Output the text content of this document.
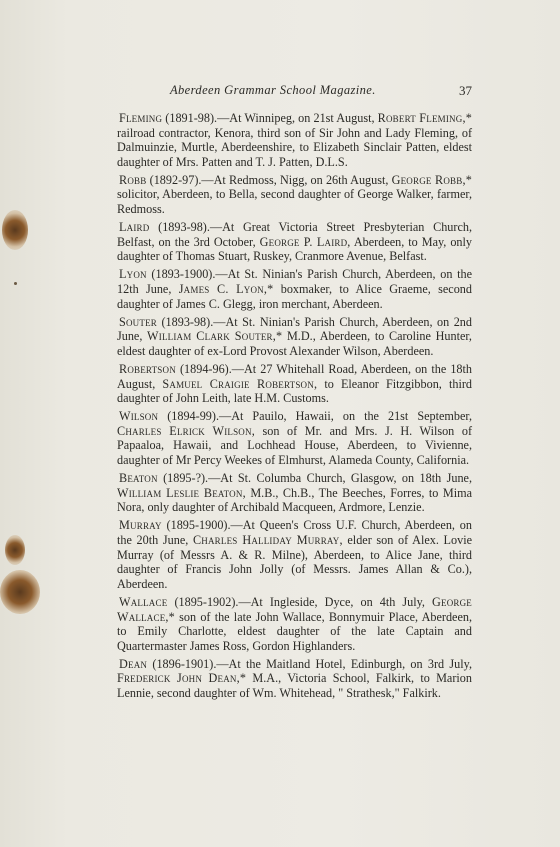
Aberdeen Grammar School Magazine.	37

Fleming (1891-98).—At Winnipeg, on 21st August, Robert Fleming,* railroad contractor, Kenora, third son of Sir John and Lady Fleming, of Dalmuinzie, Murtle, Aberdeenshire, to Elizabeth Sinclair Patten, eldest daughter of Mrs. Patten and T. J. Patten, D.L.S.

Robb (1892-97).—At Redmoss, Nigg, on 26th August, George Robb,* solicitor, Aberdeen, to Bella, second daughter of George Walker, farmer, Redmoss.

Laird (1893-98).—At Great Victoria Street Presbyterian Church, Belfast, on the 3rd October, George P. Laird, Aberdeen, to May, only daughter of Thomas Stuart, Ruskey, Cranmore Avenue, Belfast.

Lyon (1893-1900).—At St. Ninian's Parish Church, Aberdeen, on the 12th June, James C. Lyon,* boxmaker, to Alice Graeme, second daughter of James C. Glegg, iron merchant, Aberdeen.

Souter (1893-98).—At St. Ninian's Parish Church, Aberdeen, on 2nd June, William Clark Souter,* M.D., Aberdeen, to Caroline Hunter, eldest daughter of ex-Lord Provost Alexander Wilson, Aberdeen.

Robertson (1894-96).—At 27 Whitehall Road, Aberdeen, on the 18th August, Samuel Craigie Robertson, to Eleanor Fitzgibbon, third daughter of John Leith, late H.M. Customs.

Wilson (1894-99).—At Pauilo, Hawaii, on the 21st September, Charles Elrick Wilson, son of Mr. and Mrs. J. H. Wilson of Papaaloa, Hawaii, and Lochhead House, Aberdeen, to Vivienne, daughter of Mr Percy Weekes of Elmhurst, Alameda County, California.

Beaton (1895-?).—At St. Columba Church, Glasgow, on 18th June, William Leslie Beaton, M.B., Ch.B., The Beeches, Forres, to Mima Nora, only daughter of Archibald Macqueen, Ardmore, Lenzie.

Murray (1895-1900).—At Queen's Cross U.F. Church, Aberdeen, on the 20th June, Charles Halliday Murray, elder son of Alex. Lovie Murray (of Messrs A. & R. Milne), Aberdeen, to Alice Jane, third daughter of Francis John Jolly (of Messrs. James Allan & Co.), Aberdeen.

Wallace (1895-1902).—At Ingleside, Dyce, on 4th July, George Wallace,* son of the late John Wallace, Bonnymuir Place, Aberdeen, to Emily Charlotte, eldest daughter of the late Captain and Quartermaster James Ross, Gordon Highlanders.

Dean (1896-1901).—At the Maitland Hotel, Edinburgh, on 3rd July, Frederick John Dean,* M.A., Victoria School, Falkirk, to Marion Lennie, second daughter of Wm. Whitehead, " Strathesk," Falkirk.
